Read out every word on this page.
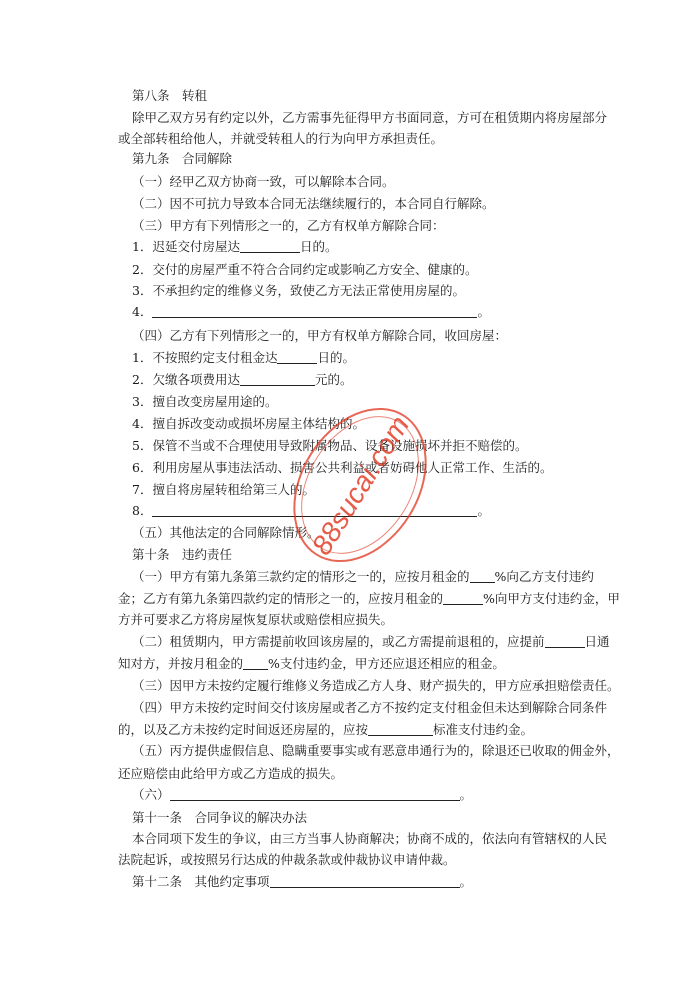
第八条　转租
除甲乙双方另有约定以外，乙方需事先征得甲方书面同意，方可在租赁期内将房屋部分
或全部转租给他人，并就受转租人的行为向甲方承担责任。
第九条　合同解除
（一）经甲乙双方协商一致，可以解除本合同。
（二）因不可抗力导致本合同无法继续履行的，本合同自行解除。
（三）甲方有下列情形之一的，乙方有权单方解除合同：
1．迟延交付房屋达	日的。
2．交付的房屋严重不符合合同约定或影响乙方安全、健康的。
3．不承担约定的维修义务，致使乙方无法正常使用房屋的。
4．	。
（四）乙方有下列情形之一的，甲方有权单方解除合同，收回房屋：
1．不按照约定支付租金达	日的。
2．欠缴各项费用达	元的。
3．擅自改变房屋用途的。
4．擅自拆改变动或损坏房屋主体结构的。
5．保管不当或不合理使用导致附属物品、设备设施损坏并拒不赔偿的。
6．利用房屋从事违法活动、损害公共利益或者妨碍他人正常工作、生活的。
7．擅自将房屋转租给第三人的。
8．	。
（五）其他法定的合同解除情形。
第十条　违约责任
（一）甲方有第九条第三款约定的情形之一的，应按月租金的 %向乙方支付违约
金；乙方有第九条第四款约定的情形之一的，应按月租金的	%向甲方支付违约金，甲
方并可要求乙方将房屋恢复原状或赔偿相应损失。
（二）租赁期内，甲方需提前收回该房屋的，或乙方需提前退租的，应提前	日通
知对方，并按月租金的 %支付违约金，甲方还应退还相应的租金。
（三）因甲方未按约定履行维修义务造成乙方人身、财产损失的，甲方应承担赔偿责任。
（四）甲方未按约定时间交付该房屋或者乙方不按约定支付租金但未达到解除合同条件
的，以及乙方未按约定时间返还房屋的，应按	标准支付违约金。
（五）丙方提供虚假信息、隐瞒重要事实或有恶意串通行为的，除退还已收取的佣金外，
还应赔偿由此给甲方或乙方造成的损失。
（六）	。
第十一条　合同争议的解决办法
本合同项下发生的争议，由三方当事人协商解决；协商不成的，依法向有管辖权的人民
法院起诉，或按照另行达成的仲裁条款或仲裁协议申请仲裁。
第十二条　其他约定事项	。
88sucai.com
